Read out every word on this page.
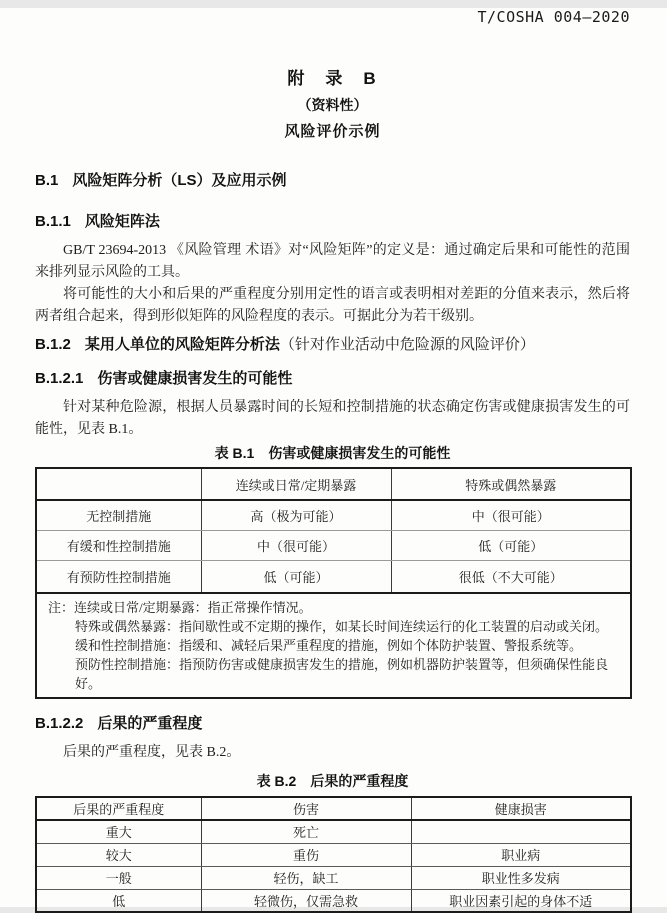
T/COSHA 004—2020
附　录　B
（资料性）
风险评价示例
B.1 风险矩阵分析（LS）及应用示例
B.1.1 风险矩阵法

GB/T 23694-2013 《风险管理 术语》对“风险矩阵”的定义是：通过确定后果和可能性的范围来排列显示风险的工具。

将可能性的大小和后果的严重程度分别用定性的语言或表明相对差距的分值来表示，然后将两者组合起来，得到形似矩阵的风险程度的表示。可据此分为若干级别。

B.1.2 某用人单位的风险矩阵分析法（针对作业活动中危险源的风险评价）
B.1.2.1 伤害或健康损害发生的可能性

针对某种危险源，根据人员暴露时间的长短和控制措施的状态确定伤害或健康损害发生的可能性，见表 B.1。

表 B.1　伤害或健康损害发生的可能性
	连续或日常/定期暴露	特殊或偶然暴露
无控制措施	高（极为可能）	中（很可能）
有缓和性控制措施	中（很可能）	低（可能）
有预防性控制措施	低（可能）	很低（不大可能）

注：连续或日常/定期暴露：指正常操作情况。
特殊或偶然暴露：指间歇性或不定期的操作，如某长时间连续运行的化工装置的启动或关闭。
缓和性控制措施：指缓和、减轻后果严重程度的措施，例如个体防护装置、警报系统等。
预防性控制措施：指预防伤害或健康损害发生的措施，例如机器防护装置等，但须确保性能良好。		
B.1.2.2 后果的严重程度

后果的严重程度，见表 B.2。

表 B.2　后果的严重程度
后果的严重程度	伤害	健康损害
重大	死亡	
较大	重伤	职业病
一般	轻伤，缺工	职业性多发病
低	轻微伤，仅需急救	职业因素引起的身体不适
